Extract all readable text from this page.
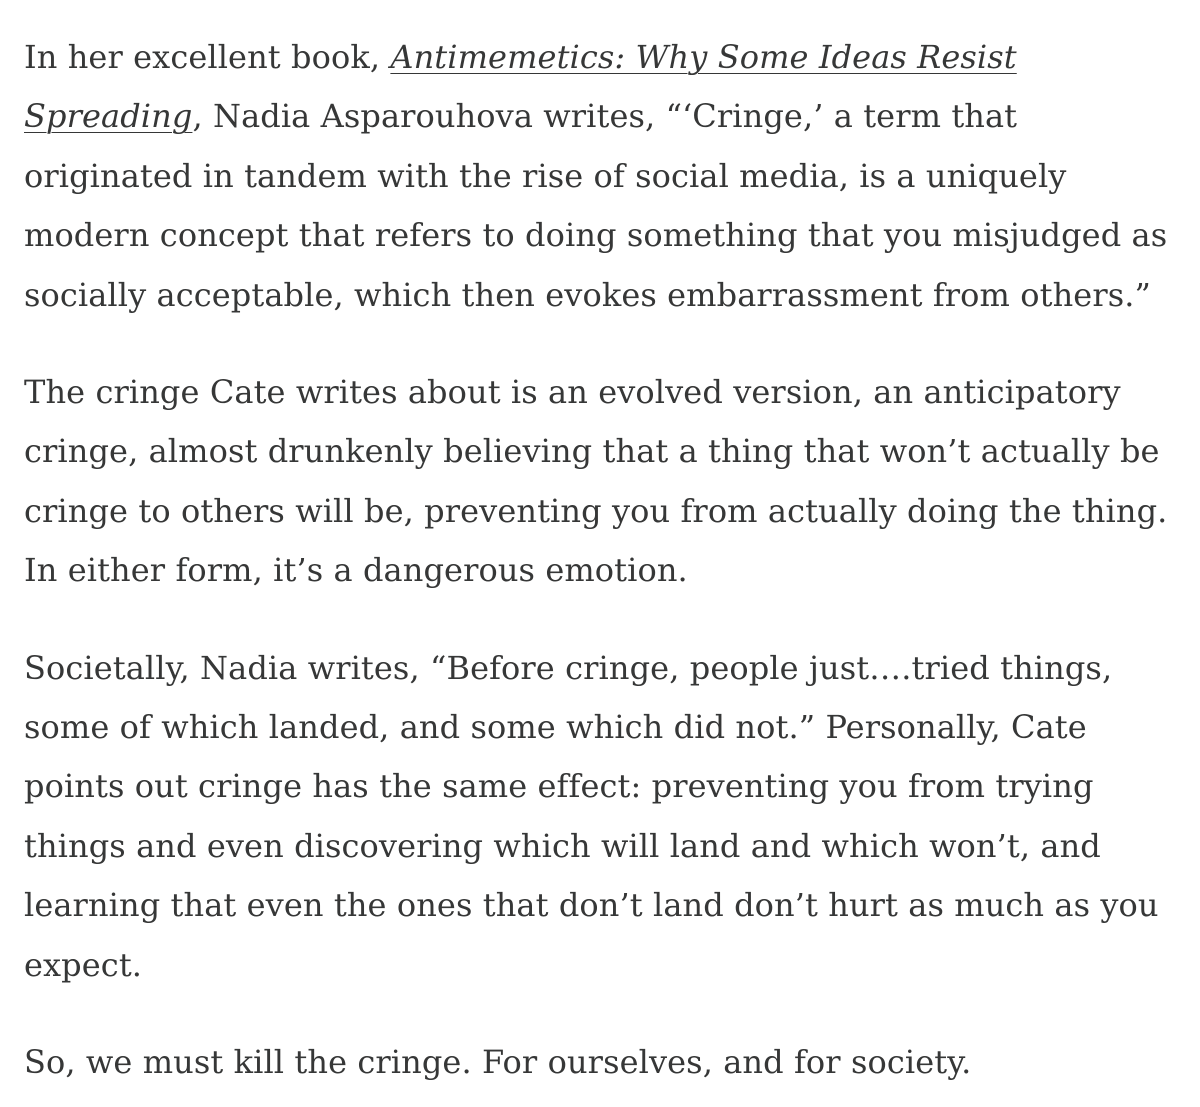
In her excellent book, Antimemetics: Why Some Ideas Resist Spreading, Nadia Asparouhova writes, “‘Cringe,’ a term that originated in tandem with the rise of social media, is a uniquely modern concept that refers to doing something that you misjudged as socially acceptable, which then evokes embarrassment from others.”

The cringe Cate writes about is an evolved version, an anticipatory cringe, almost drunkenly believing that a thing that won’t actually be cringe to others will be, preventing you from actually doing the thing. In either form, it’s a dangerous emotion.

Societally, Nadia writes, “Before cringe, people just….tried things, some of which landed, and some which did not.” Personally, Cate points out cringe has the same effect: preventing you from trying things and even discovering which will land and which won’t, and learning that even the ones that don’t land don’t hurt as much as you expect.

So, we must kill the cringe. For ourselves, and for society.
